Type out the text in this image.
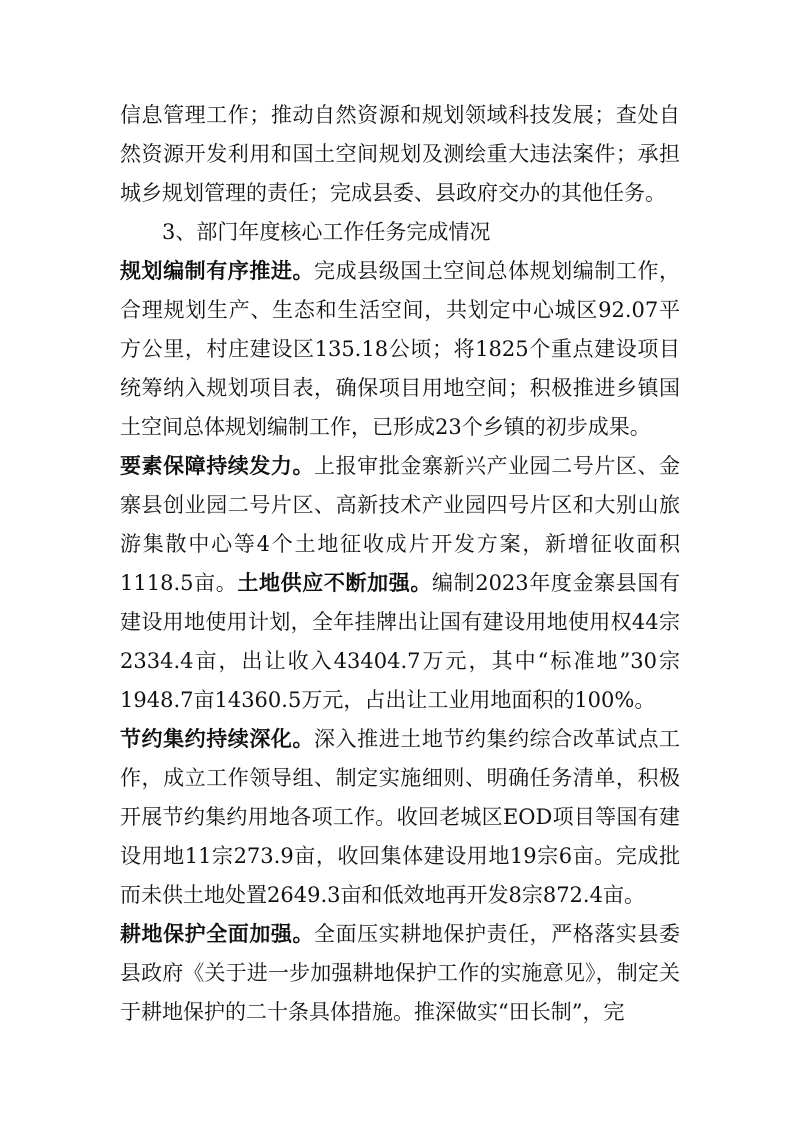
信息管理工作；推动自然资源和规划领域科技发展；查处自然资源开发利用和国土空间规划及测绘重大违法案件；承担城乡规划管理的责任；完成县委、县政府交办的其他任务。

3、部门年度核心工作任务完成情况

规划编制有序推进。完成县级国土空间总体规划编制工作，合理规划生产、生态和生活空间，共划定中心城区92.07平方公里，村庄建设区135.18公顷；将1825个重点建设项目统筹纳入规划项目表，确保项目用地空间；积极推进乡镇国土空间总体规划编制工作，已形成23个乡镇的初步成果。

要素保障持续发力。上报审批金寨新兴产业园二号片区、金寨县创业园二号片区、高新技术产业园四号片区和大别山旅游集散中心等4个土地征收成片开发方案，新增征收面积1118.5亩。土地供应不断加强。编制2023年度金寨县国有建设用地使用计划，全年挂牌出让国有建设用地使用权44宗2334.4亩，出让收入43404.7万元，其中“标准地”30宗1948.7亩14360.5万元，占出让工业用地面积的100%。

节约集约持续深化。深入推进土地节约集约综合改革试点工作，成立工作领导组、制定实施细则、明确任务清单，积极开展节约集约用地各项工作。收回老城区EOD项目等国有建设用地11宗273.9亩，收回集体建设用地19宗6亩。完成批而未供土地处置2649.3亩和低效地再开发8宗872.4亩。

耕地保护全面加强。全面压实耕地保护责任，严格落实县委县政府《关于进一步加强耕地保护工作的实施意见》，制定关于耕地保护的二十条具体措施。推深做实“田长制”，完
